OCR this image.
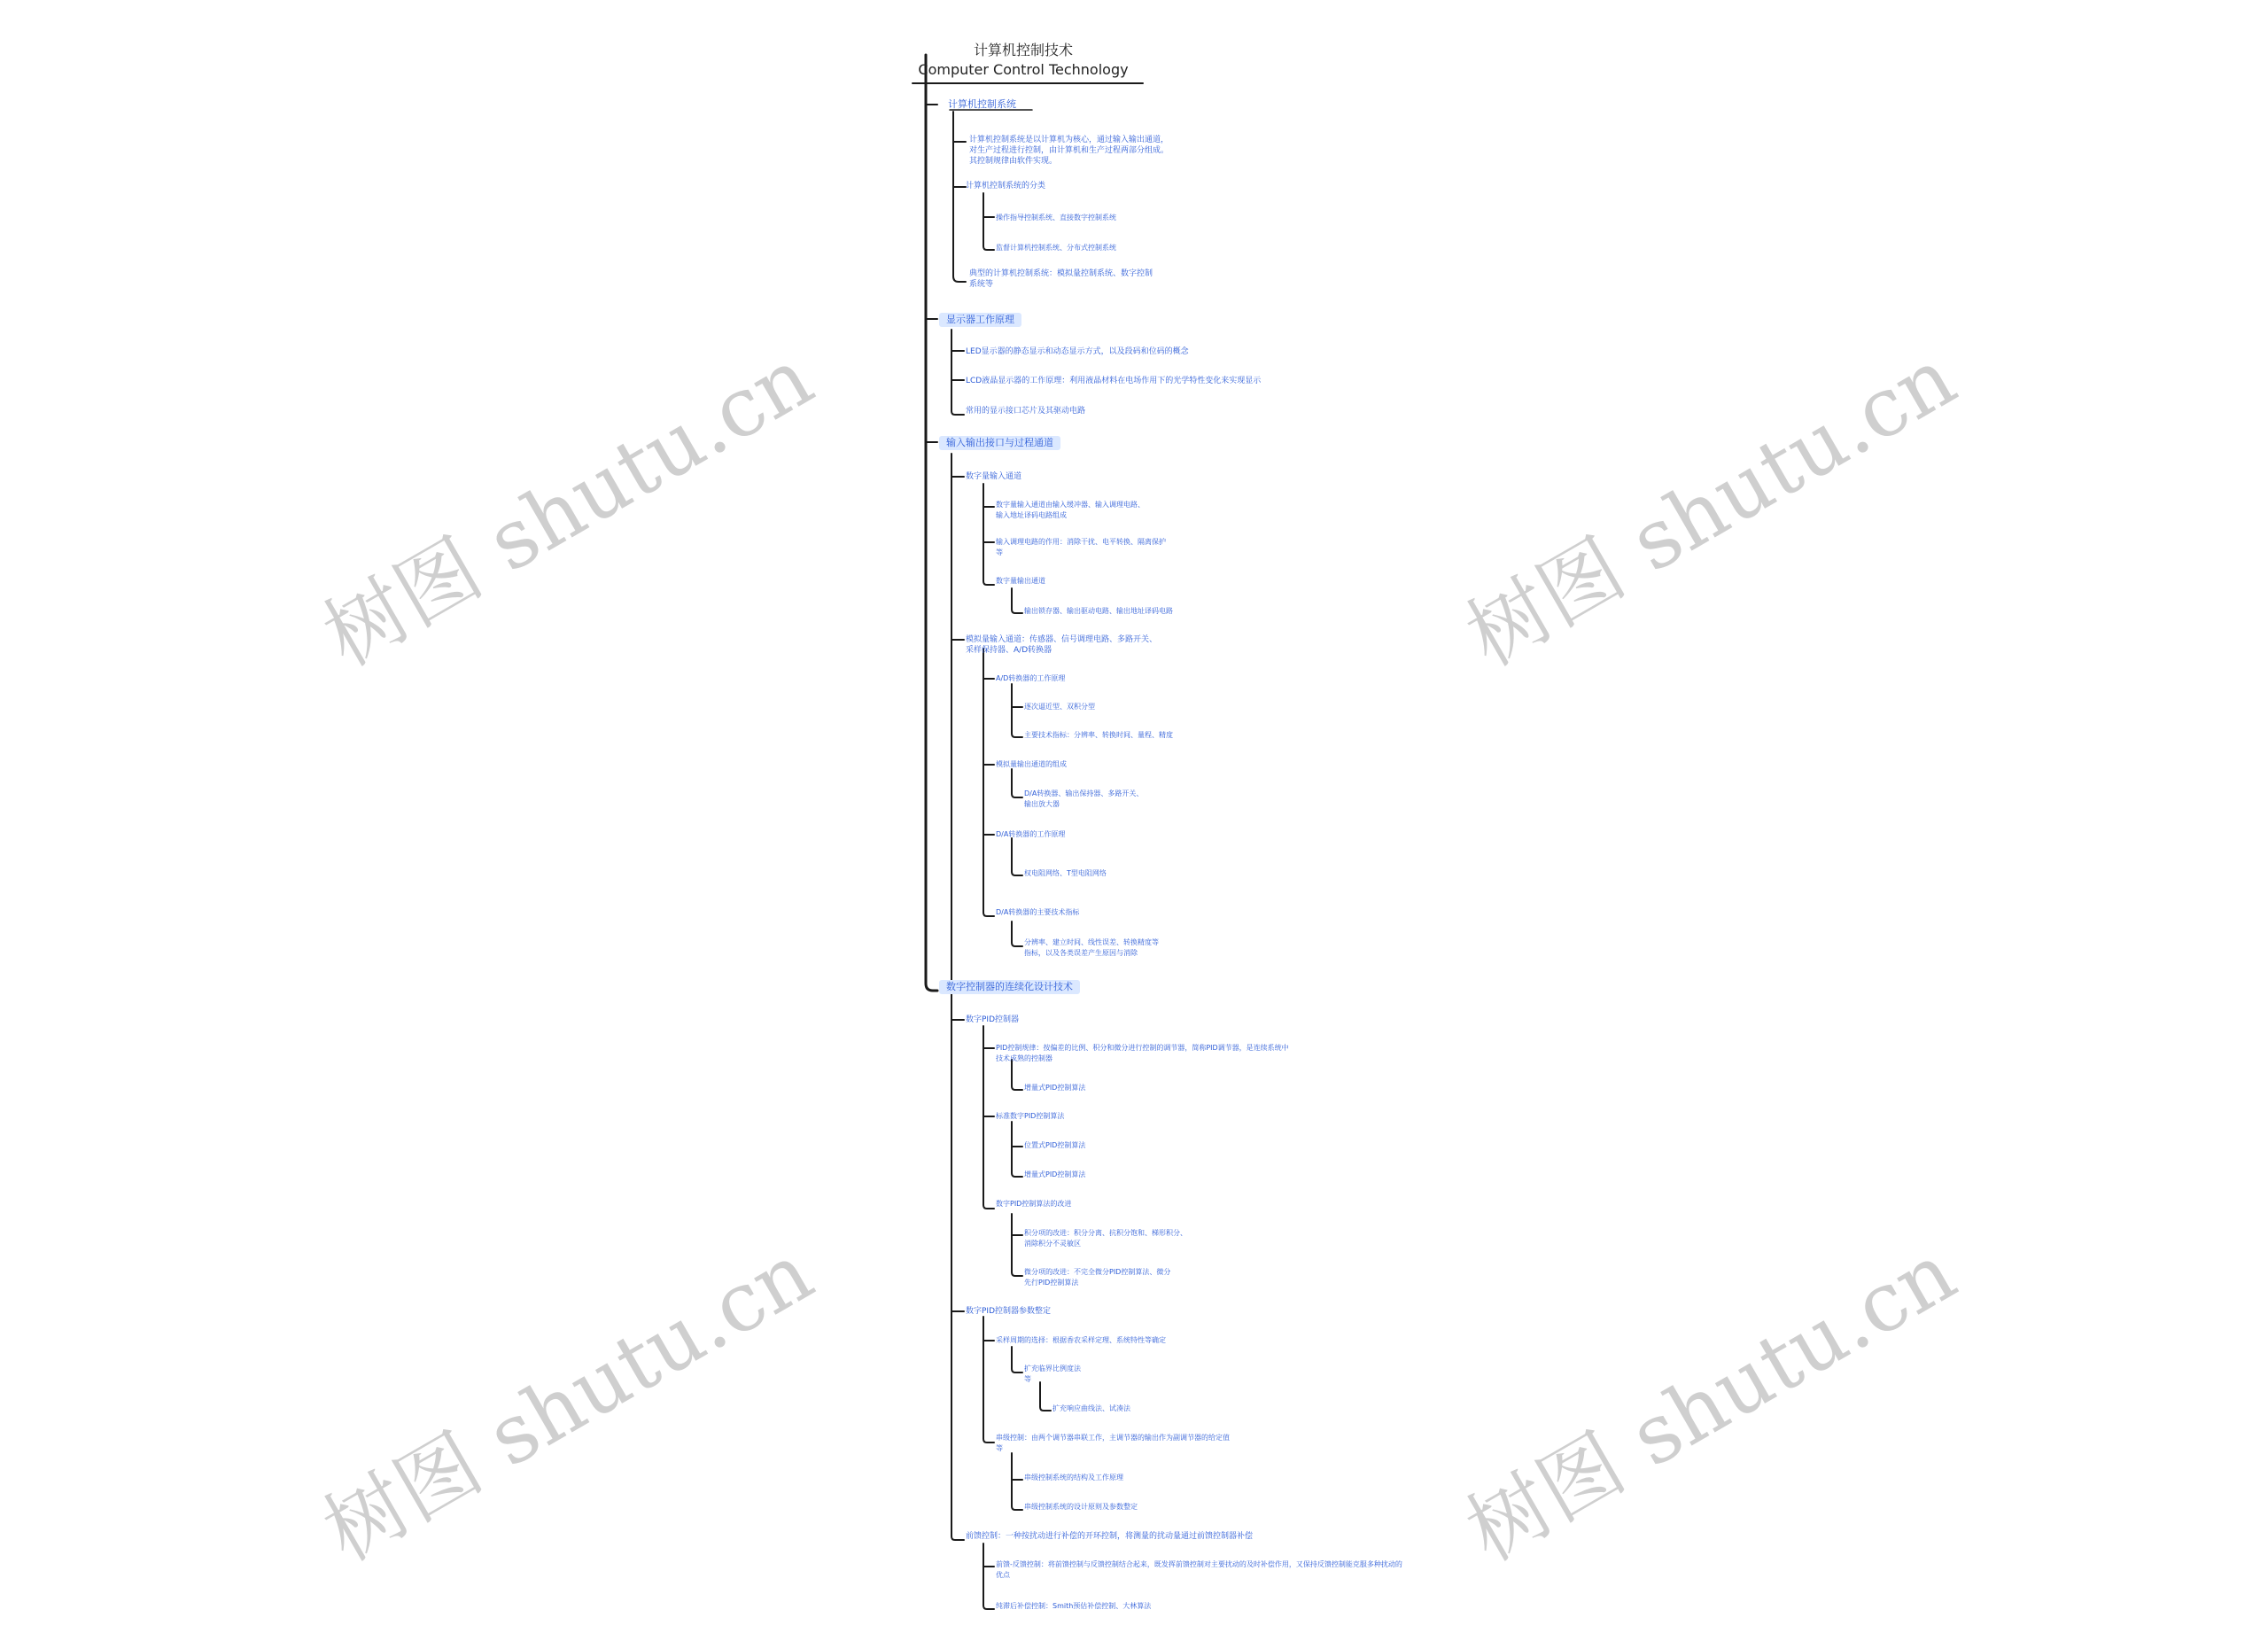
计算机控制技术
Computer Control Technology
计算机控制系统
计算机控制系统是以计算机为核心，通过输入输出通道，
对生产过程进行控制，由计算机和生产过程两部分组成。
其控制规律由软件实现。
计算机控制系统的分类
操作指导控制系统、直接数字控制系统
监督计算机控制系统、分布式控制系统
典型的计算机控制系统：模拟量控制系统、数字控制
系统等
显示器工作原理
LED显示器的静态显示和动态显示方式，以及段码和位码的概念
LCD液晶显示器的工作原理：利用液晶材料在电场作用下的光学特性变化来实现显示
常用的显示接口芯片及其驱动电路
输入输出接口与过程通道
数字量输入通道
数字量输入通道由输入缓冲器、输入调理电路、
输入地址译码电路组成
输入调理电路的作用：消除干扰、电平转换、隔离保护
等
数字量输出通道
输出锁存器、输出驱动电路、输出地址译码电路
模拟量输入通道：传感器、信号调理电路、多路开关、
采样保持器、A/D转换器
A/D转换器的工作原理
逐次逼近型、双积分型
主要技术指标：分辨率、转换时间、量程、精度
模拟量输出通道的组成
D/A转换器、输出保持器、多路开关、
输出放大器
D/A转换器的工作原理
权电阻网络、T型电阻网络
D/A转换器的主要技术指标
分辨率、建立时间、线性误差、转换精度等
指标，以及各类误差产生原因与消除
数字控制器的连续化设计技术
数字PID控制器
PID控制规律：按偏差的比例、积分和微分进行控制的调节器，简称PID调节器，是连续系统中
技术成熟的控制器
增量式PID控制算法
标准数字PID控制算法
位置式PID控制算法
增量式PID控制算法
数字PID控制算法的改进
积分项的改进：积分分离、抗积分饱和、梯形积分、
消除积分不灵敏区
微分项的改进：不完全微分PID控制算法、微分
先行PID控制算法
数字PID控制器参数整定
采样周期的选择：根据香农采样定理、系统特性等确定
扩充临界比例度法
等
扩充响应曲线法、试凑法
串级控制：由两个调节器串联工作，主调节器的输出作为副调节器的给定值
等
串级控制系统的结构及工作原理
串级控制系统的设计原则及参数整定
前馈控制：一种按扰动进行补偿的开环控制，将测量的扰动量通过前馈控制器补偿
前馈-反馈控制：将前馈控制与反馈控制结合起来，既发挥前馈控制对主要扰动的及时补偿作用，又保持反馈控制能克服多种扰动的
优点
纯滞后补偿控制：Smith预估补偿控制、大林算法
树图 shutu.cn	树图 shutu.cn
树图 shutu.cn	树图 shutu.cn
